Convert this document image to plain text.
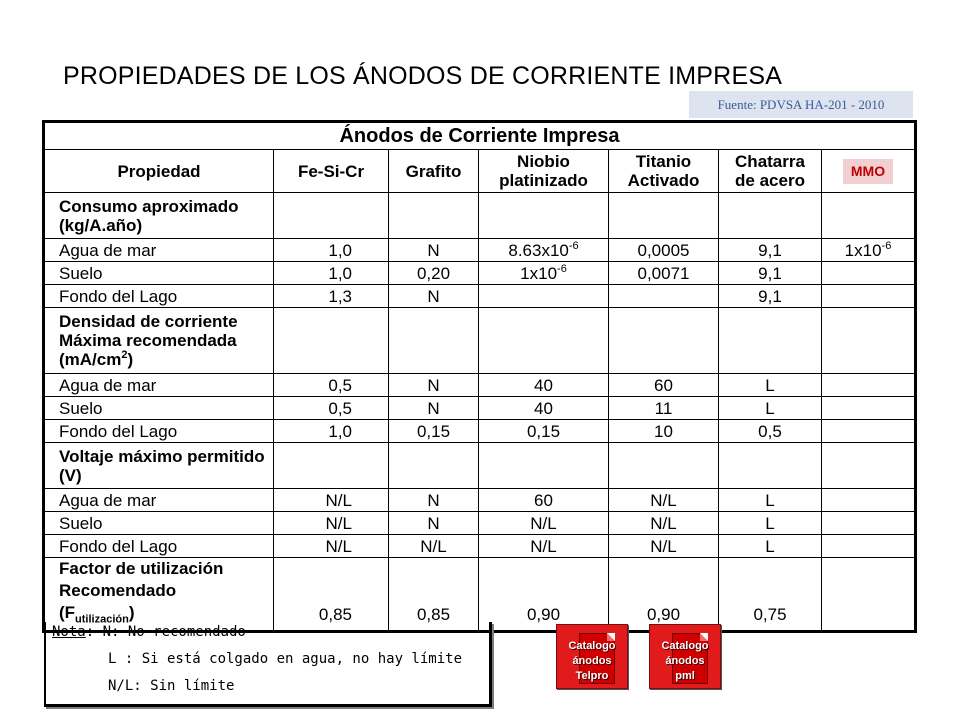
PROPIEDADES DE LOS ÁNODOS DE CORRIENTE IMPRESA
Fuente: PDVSA HA-201 - 2010
Ánodos de Corriente Impresa						
Propiedad	Fe-Si-Cr	Grafito	Niobio platinizado	Titanio Activado	Chatarra de acero	MMO
Consumo aproximado (kg/A.año)						
Agua de mar	1,0	N	$8.63x10^{-6}$	0,0005	9,1	$1x10^{-6}$
Suelo	1,0	0,20	$1x10^{-6}$	0,0071	9,1	
Fondo del Lago	1,3	N			9,1	
Densidad de corriente Máxima recomendada $(mA/cm^2)$						
Agua de mar	0,5	N	40	60	L	
Suelo	0,5	N	40	11	L	
Fondo del Lago	1,0	0,15	0,15	10	0,5	
Voltaje máximo permitido (V)						
Agua de mar	N/L	N	60	N/L	L	
Suelo	N/L	N	N/L	N/L	L	
Fondo del Lago	N/L	N/L	N/L	N/L	L	

Factor de utilización
Recomendado
$(F_{utilización})$	0,85	0,85	0,90	0,90	0,75	
Nota: N: No recomendado
L : Si está colgado en agua, no hay límite
N/L: Sin límite
Catalogo
ánodos
Telpro
Catalogo
ánodos
pml
